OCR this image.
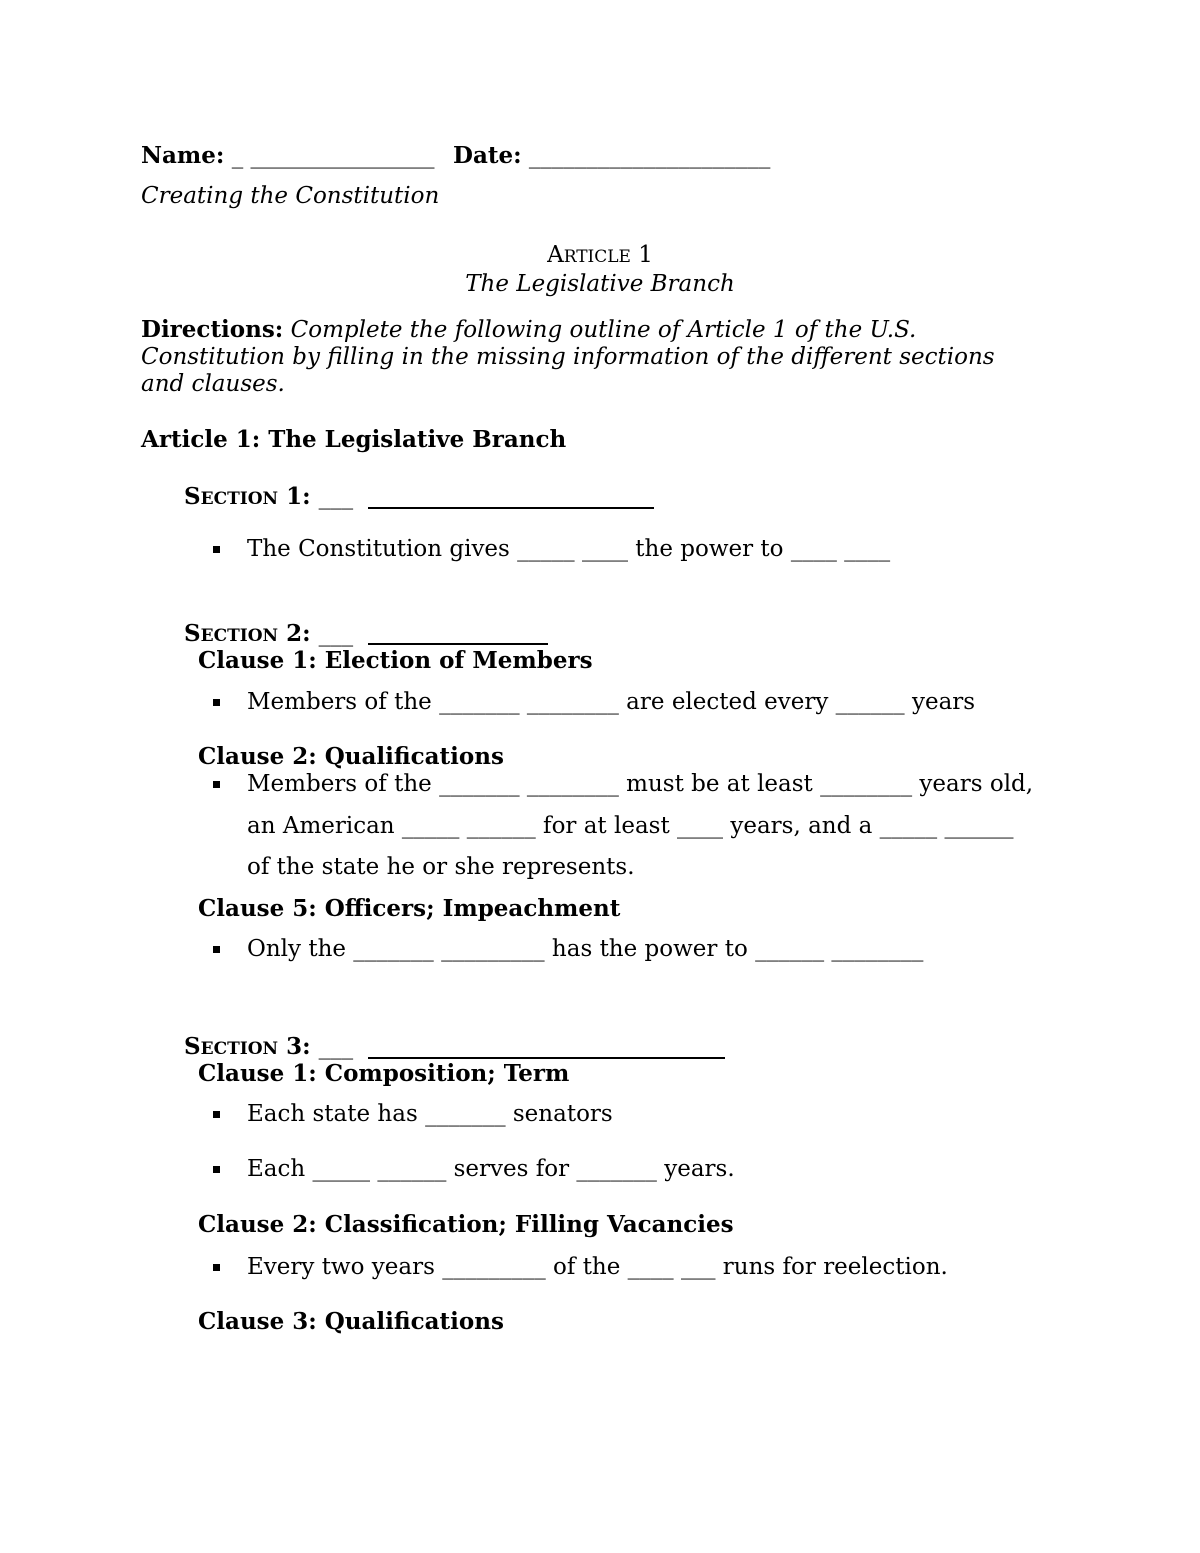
Name: _ ________________ Date: _____________________
Creating the Constitution
ARTICLE 1
The Legislative Branch
Directions: Complete the following outline of Article 1 of the U.S.
Constitution by filling in the missing information of the different sections
and clauses.
Article 1: The Legislative Branch
SECTION 1: ___
The Constitution gives _____ ____ the power to ____ ____
SECTION 2: ___
Clause 1: Election of Members
Members of the _______ ________ are elected every ______ years
Clause 2: Qualifications
Members of the _______ ________ must be at least ________ years old,
an American _____ ______ for at least ____ years, and a _____ ______
of the state he or she represents.
Clause 5: Officers; Impeachment
Only the _______ _________ has the power to ______ ________
SECTION 3: ___
Clause 1: Composition; Term
Each state has _______ senators
Each _____ ______ serves for _______ years.
Clause 2: Classification; Filling Vacancies
Every two years _________ of the ____ ___ runs for reelection.
Clause 3: Qualifications
